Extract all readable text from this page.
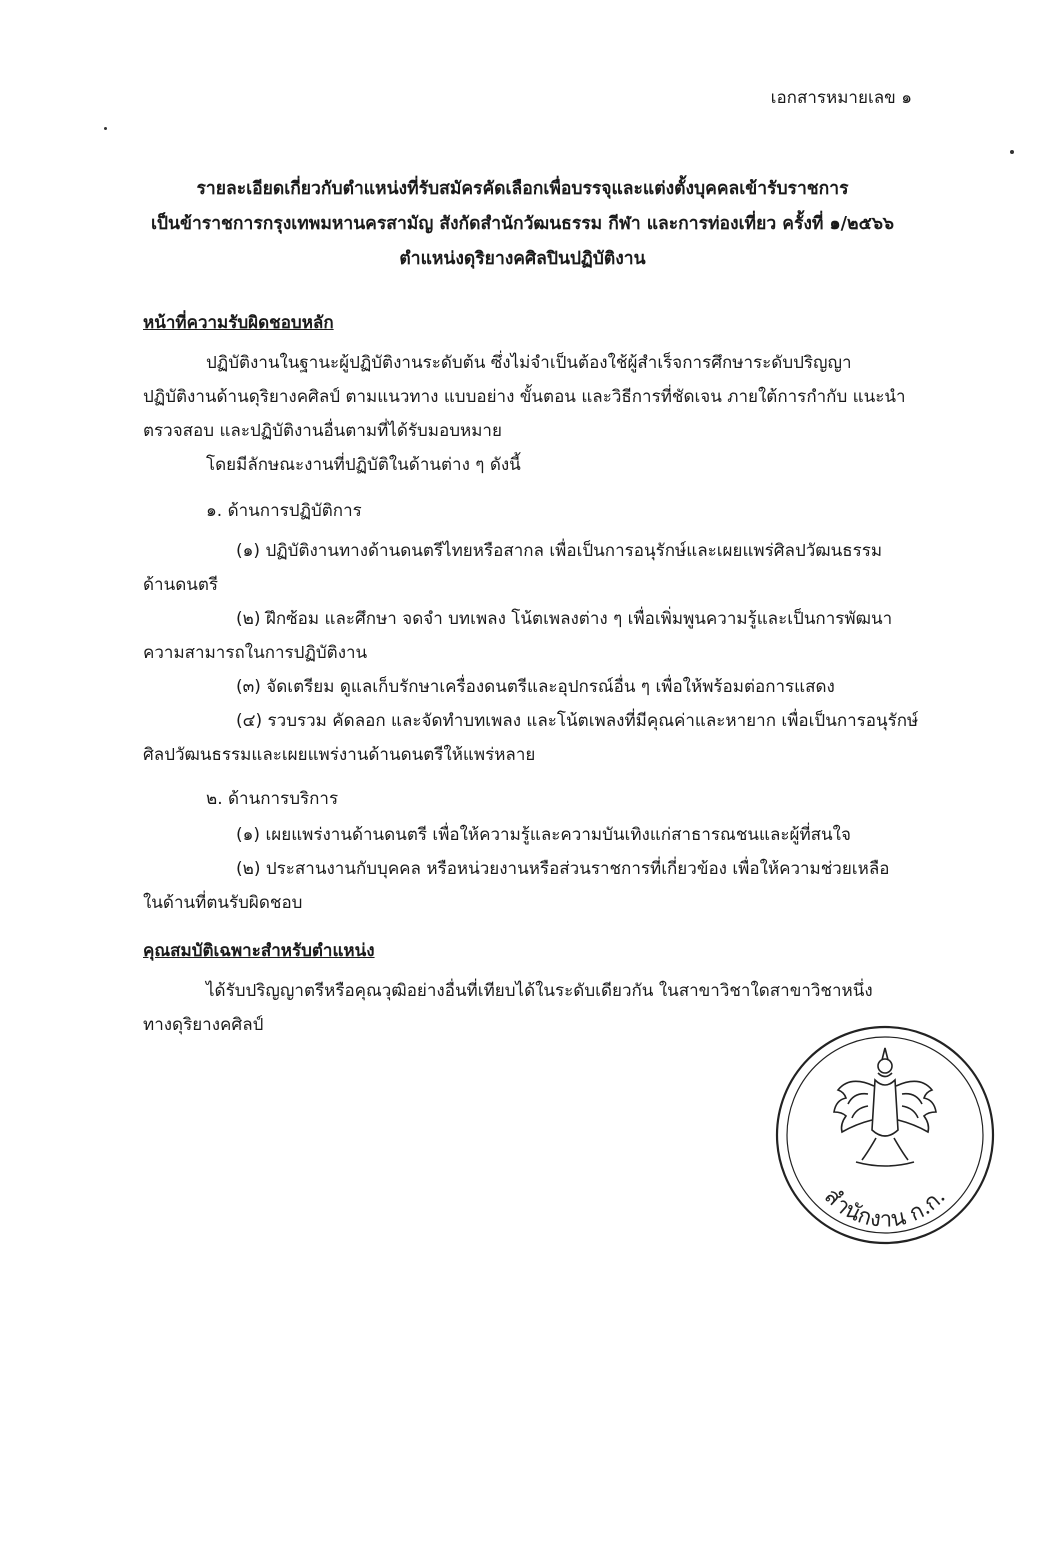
เอกสารหมายเลข ๑
รายละเอียดเกี่ยวกับตำแหน่งที่รับสมัครคัดเลือกเพื่อบรรจุและแต่งตั้งบุคคลเข้ารับราชการ
เป็นข้าราชการกรุงเทพมหานครสามัญ สังกัดสำนักวัฒนธรรม กีฬา และการท่องเที่ยว ครั้งที่ ๑/๒๕๖๖
ตำแหน่งดุริยางคศิลปินปฏิบัติงาน
หน้าที่ความรับผิดชอบหลัก
ปฏิบัติงานในฐานะผู้ปฏิบัติงานระดับต้น ซึ่งไม่จำเป็นต้องใช้ผู้สำเร็จการศึกษาระดับปริญญา
ปฏิบัติงานด้านดุริยางคศิลป์ ตามแนวทาง แบบอย่าง ขั้นตอน และวิธีการที่ชัดเจน ภายใต้การกำกับ แนะนำ
ตรวจสอบ และปฏิบัติงานอื่นตามที่ได้รับมอบหมาย
โดยมีลักษณะงานที่ปฏิบัติในด้านต่าง ๆ ดังนี้
๑. ด้านการปฏิบัติการ
(๑) ปฏิบัติงานทางด้านดนตรีไทยหรือสากล เพื่อเป็นการอนุรักษ์และเผยแพร่ศิลปวัฒนธรรม
ด้านดนตรี
(๒) ฝึกซ้อม และศึกษา จดจำ บทเพลง โน้ตเพลงต่าง ๆ เพื่อเพิ่มพูนความรู้และเป็นการพัฒนา
ความสามารถในการปฏิบัติงาน
(๓) จัดเตรียม ดูแลเก็บรักษาเครื่องดนตรีและอุปกรณ์อื่น ๆ เพื่อให้พร้อมต่อการแสดง
(๔) รวบรวม คัดลอก และจัดทำบทเพลง และโน้ตเพลงที่มีคุณค่าและหายาก เพื่อเป็นการอนุรักษ์
ศิลปวัฒนธรรมและเผยแพร่งานด้านดนตรีให้แพร่หลาย
๒. ด้านการบริการ
(๑) เผยแพร่งานด้านดนตรี เพื่อให้ความรู้และความบันเทิงแก่สาธารณชนและผู้ที่สนใจ
(๒) ประสานงานกับบุคคล หรือหน่วยงานหรือส่วนราชการที่เกี่ยวข้อง เพื่อให้ความช่วยเหลือ
ในด้านที่ตนรับผิดชอบ
คุณสมบัติเฉพาะสำหรับตำแหน่ง
ได้รับปริญญาตรีหรือคุณวุฒิอย่างอื่นที่เทียบได้ในระดับเดียวกัน ในสาขาวิชาใดสาขาวิชาหนึ่ง
ทางดุริยางคศิลป์
สำนักงาน ก.ก.
